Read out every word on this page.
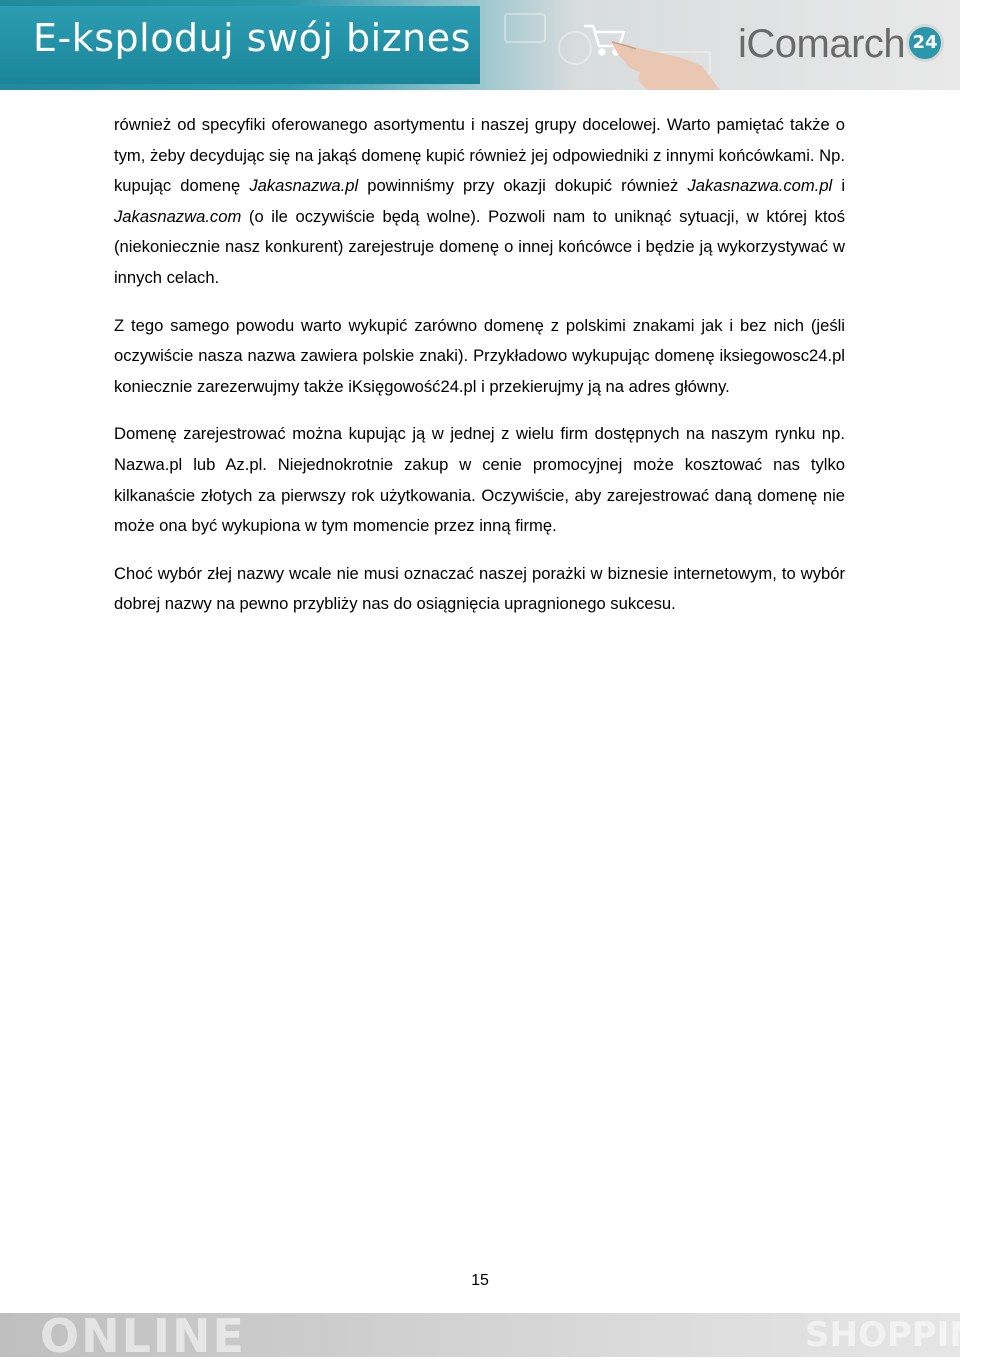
E-ksploduj swój biznes	iComarch 24

również od specyfiki oferowanego asortymentu i naszej grupy docelowej. Warto pamiętać także o tym, żeby decydując się na jakąś domenę kupić również jej odpowiedniki z innymi końcówkami. Np. kupując domenę Jakasnazwa.pl powinniśmy przy okazji dokupić również Jakasnazwa.com.pl i Jakasnazwa.com (o ile oczywiście będą wolne). Pozwoli nam to uniknąć sytuacji, w której ktoś (niekoniecznie nasz konkurent) zarejestruje domenę o innej końcówce i będzie ją wykorzystywać w innych celach.

Z tego samego powodu warto wykupić zarówno domenę z polskimi znakami jak i bez nich (jeśli oczywiście nasza nazwa zawiera polskie znaki). Przykładowo wykupując domenę iksiegowosc24.pl koniecznie zarezerwujmy także iKsięgowość24.pl i przekierujmy ją na adres główny.

Domenę zarejestrować można kupując ją w jednej z wielu firm dostępnych na naszym rynku np. Nazwa.pl lub Az.pl. Niejednokrotnie zakup w cenie promocyjnej może kosztować nas tylko kilkanaście złotych za pierwszy rok użytkowania. Oczywiście, aby zarejestrować daną domenę nie może ona być wykupiona w tym momencie przez inną firmę.

Choć wybór złej nazwy wcale nie musi oznaczać naszej porażki w biznesie internetowym, to wybór dobrej nazwy na pewno przybliży nas do osiągnięcia upragnionego sukcesu.

15
ONLINE	SHOPPING
